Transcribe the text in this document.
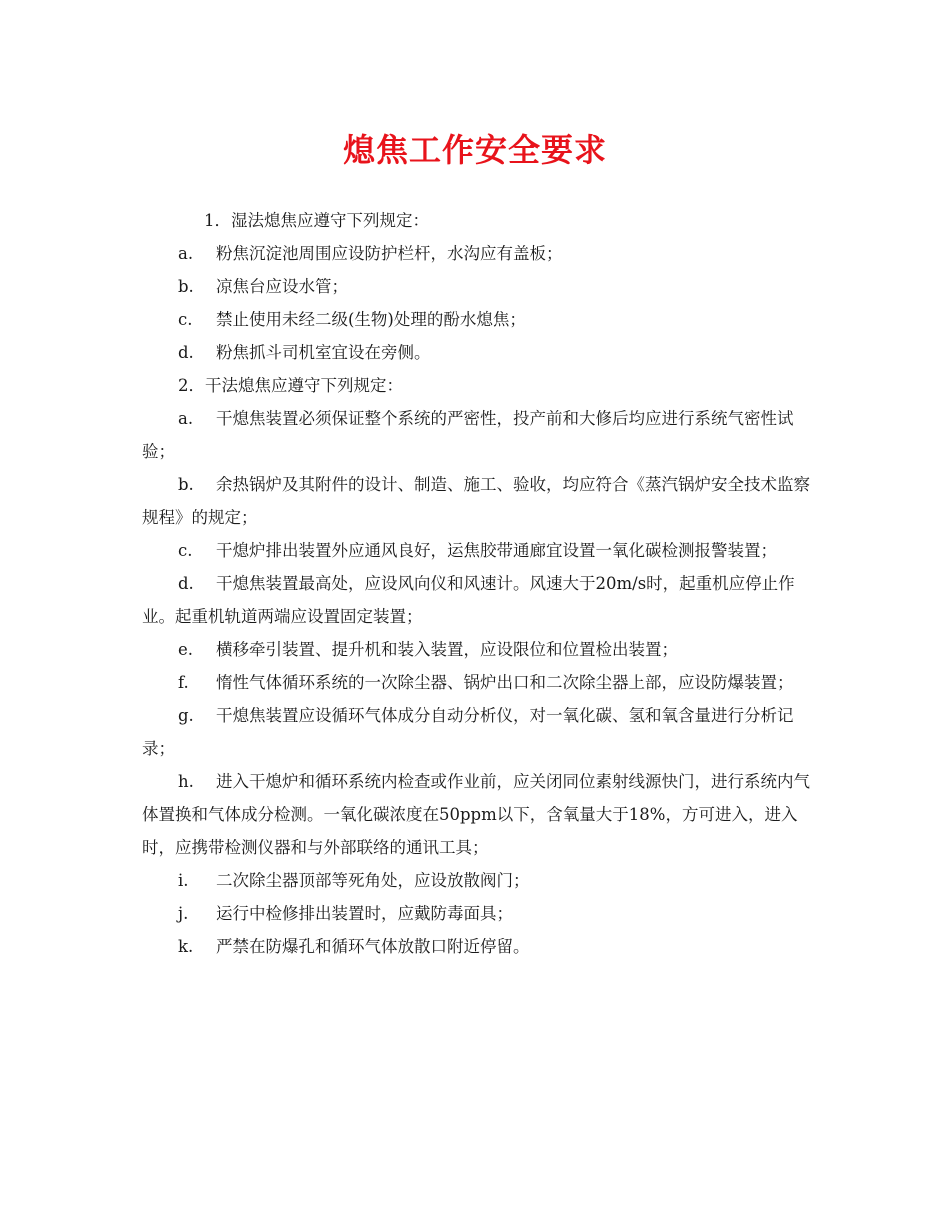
熄焦工作安全要求

1．湿法熄焦应遵守下列规定：

a. 粉焦沉淀池周围应设防护栏杆，水沟应有盖板；

b. 凉焦台应设水管；

c. 禁止使用未经二级(生物)处理的酚水熄焦；

d. 粉焦抓斗司机室宜设在旁侧。

2．干法熄焦应遵守下列规定：

a. 干熄焦装置必须保证整个系统的严密性，投产前和大修后均应进行系统气密性试验；

b. 余热锅炉及其附件的设计、制造、施工、验收，均应符合《蒸汽锅炉安全技术监察规程》的规定；

c. 干熄炉排出装置外应通风良好，运焦胶带通廊宜设置一氧化碳检测报警装置；

d. 干熄焦装置最高处，应设风向仪和风速计。风速大于20m/s时，起重机应停止作业。起重机轨道两端应设置固定装置；

e. 横移牵引装置、提升机和装入装置，应设限位和位置检出装置；

f. 惰性气体循环系统的一次除尘器、锅炉出口和二次除尘器上部，应设防爆装置；

g. 干熄焦装置应设循环气体成分自动分析仪，对一氧化碳、氢和氧含量进行分析记录；

h. 进入干熄炉和循环系统内检查或作业前，应关闭同位素射线源快门，进行系统内气体置换和气体成分检测。一氧化碳浓度在50ppm以下，含氧量大于18%，方可进入，进入时，应携带检测仪器和与外部联络的通讯工具；

i. 二次除尘器顶部等死角处，应设放散阀门；

j. 运行中检修排出装置时，应戴防毒面具；

k. 严禁在防爆孔和循环气体放散口附近停留。
